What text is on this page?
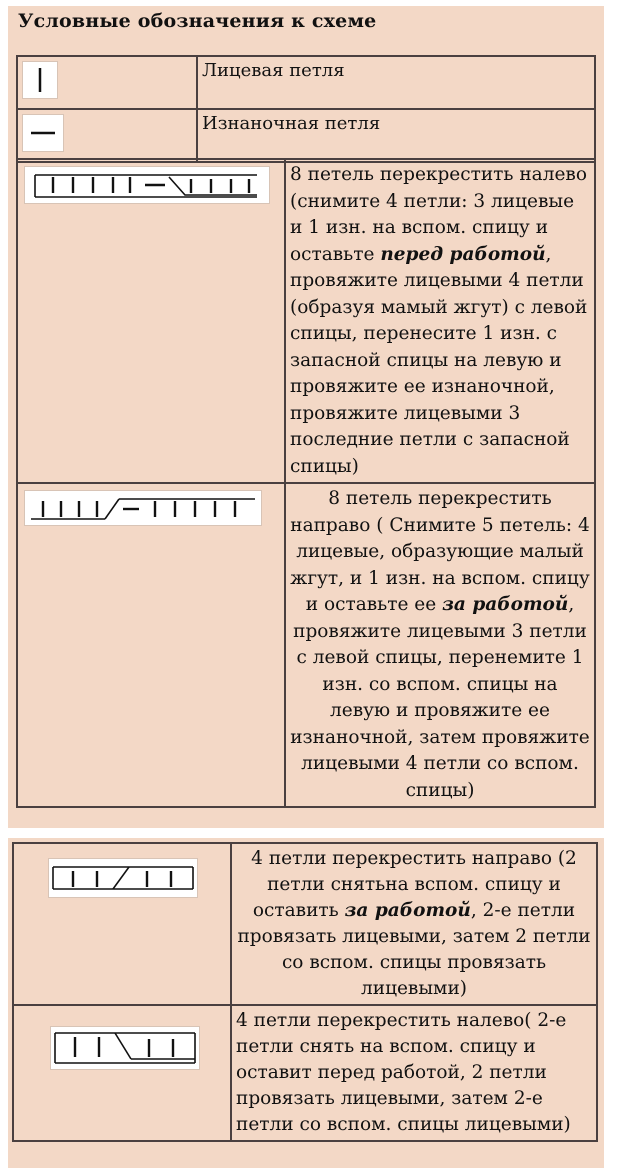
Условные обозначения к схеме
	Лицевая петля

	Изнаночная петля
	8 петель перекрестить налево (снимите 4 петли: 3 лицевые и 1 изн. на вспом. спицу и оставьте перед работой, провяжите лицевыми 4 петли (образуя мамый жгут) с левой спицы, перенесите 1 изн. с запасной спицы на левую и провяжите ее изнаночной, провяжите лицевыми 3 последние петли с запасной спицы)

	8 петель перекрестить направо ( Снимите 5 петель: 4 лицевые, образующие малый жгут, и 1 изн. на вспом. спицу и оставьте ее за работой, провяжите лицевыми 3 петли с левой спицы, перенемите 1 изн. со вспом. спицы на левую и провяжите ее изнаночной, затем провяжите лицевыми 4 петли со вспом. спицы)
	4 петли перекрестить направо (2 петли снятьна вспом. спицу и оставить за работой, 2-е петли провязать лицевыми, затем 2 петли со вспом. спицы провязать лицевыми)

	4 петли перекрестить налево( 2-е петли снять на вспом. спицу и оставит перед работой, 2 петли провязать лицевыми, затем 2-е петли со вспом. спицы лицевыми)
